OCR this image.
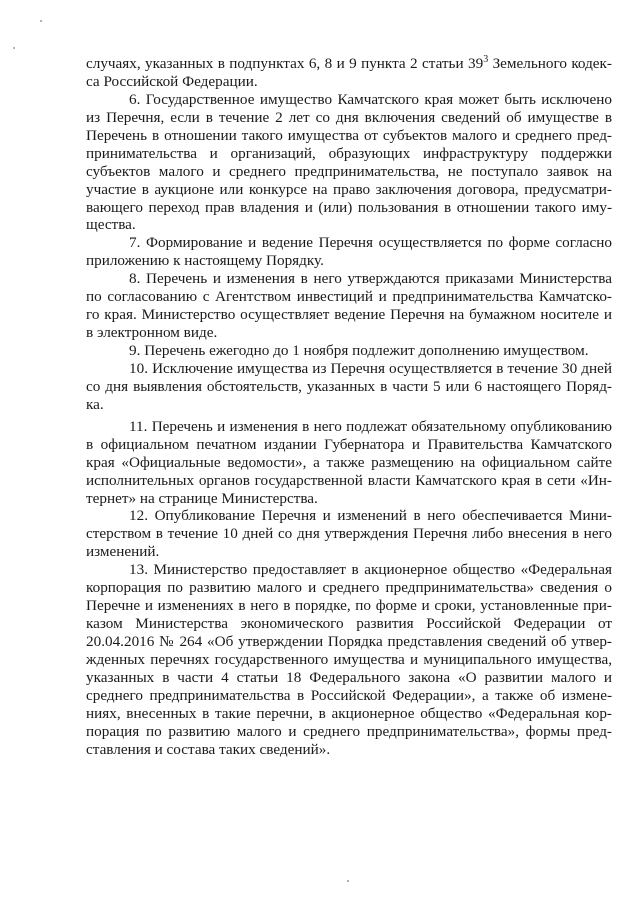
случаях, указанных в подпунктах 6, 8 и 9 пункта 2 статьи $39^3$ Земельного кодек-
са Российской Федерации.
6. Государственное имущество Камчатского края может быть исключено
из Перечня, если в течение 2 лет со дня включения сведений об имуществе в
Перечень в отношении такого имущества от субъектов малого и среднего пред-
принимательства и организаций, образующих инфраструктуру поддержки
субъектов малого и среднего предпринимательства, не поступало заявок на
участие в аукционе или конкурсе на право заключения договора, предусматри-
вающего переход прав владения и (или) пользования в отношении такого иму-
щества.
7. Формирование и ведение Перечня осуществляется по форме согласно
приложению к настоящему Порядку.
8. Перечень и изменения в него утверждаются приказами Министерства
по согласованию с Агентством инвестиций и предпринимательства Камчатско-
го края. Министерство осуществляет ведение Перечня на бумажном носителе и
в электронном виде.
9. Перечень ежегодно до 1 ноября подлежит дополнению имуществом.
10. Исключение имущества из Перечня осуществляется в течение 30 дней
со дня выявления обстоятельств, указанных в части 5 или 6 настоящего Поряд-
ка.
11. Перечень и изменения в него подлежат обязательному опубликованию
в официальном печатном издании Губернатора и Правительства Камчатского
края «Официальные ведомости», а также размещению на официальном сайте
исполнительных органов государственной власти Камчатского края в сети «Ин-
тернет» на странице Министерства.
12. Опубликование Перечня и изменений в него обеспечивается Мини-
стерством в течение 10 дней со дня утверждения Перечня либо внесения в него
изменений.
13. Министерство предоставляет в акционерное общество «Федеральная
корпорация по развитию малого и среднего предпринимательства» сведения о
Перечне и изменениях в него в порядке, по форме и сроки, установленные при-
казом Министерства экономического развития Российской Федерации от
20.04.2016 № 264 «Об утверждении Порядка представления сведений об утвер-
жденных перечнях государственного имущества и муниципального имущества,
указанных в части 4 статьи 18 Федерального закона «О развитии малого и
среднего предпринимательства в Российской Федерации», а также об измене-
ниях, внесенных в такие перечни, в акционерное общество «Федеральная кор-
порация по развитию малого и среднего предпринимательства», формы пред-
ставления и состава таких сведений».
